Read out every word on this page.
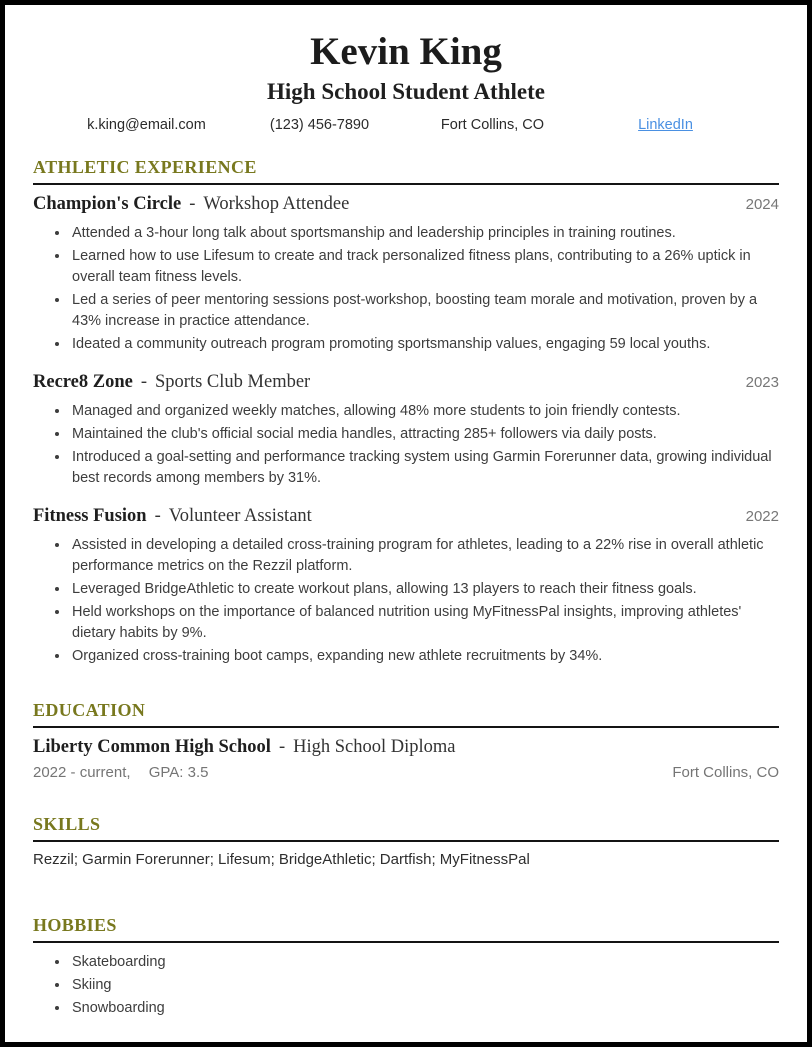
Kevin King
High School Student Athlete
k.king@email.com	(123) 456-7890	Fort Collins, CO	LinkedIn
ATHLETIC EXPERIENCE
Champion's Circle - Workshop Attendee	2024
• Attended a 3-hour long talk about sportsmanship and leadership principles in training routines.
• Learned how to use Lifesum to create and track personalized fitness plans, contributing to a 26% uptick in overall team fitness levels.
• Led a series of peer mentoring sessions post-workshop, boosting team morale and motivation, proven by a 43% increase in practice attendance.
• Ideated a community outreach program promoting sportsmanship values, engaging 59 local youths.
Recre8 Zone - Sports Club Member	2023
• Managed and organized weekly matches, allowing 48% more students to join friendly contests.
• Maintained the club's official social media handles, attracting 285+ followers via daily posts.
• Introduced a goal-setting and performance tracking system using Garmin Forerunner data, growing individual best records among members by 31%.
Fitness Fusion - Volunteer Assistant	2022
• Assisted in developing a detailed cross-training program for athletes, leading to a 22% rise in overall athletic performance metrics on the Rezzil platform.
• Leveraged BridgeAthletic to create workout plans, allowing 13 players to reach their fitness goals.
• Held workshops on the importance of balanced nutrition using MyFitnessPal insights, improving athletes' dietary habits by 9%.
• Organized cross-training boot camps, expanding new athlete recruitments by 34%.
EDUCATION
Liberty Common High School - High School Diploma
2022 - current, GPA: 3.5	Fort Collins, CO
SKILLS
Rezzil; Garmin Forerunner; Lifesum; BridgeAthletic; Dartfish; MyFitnessPal
HOBBIES
• Skateboarding
• Skiing
• Snowboarding
